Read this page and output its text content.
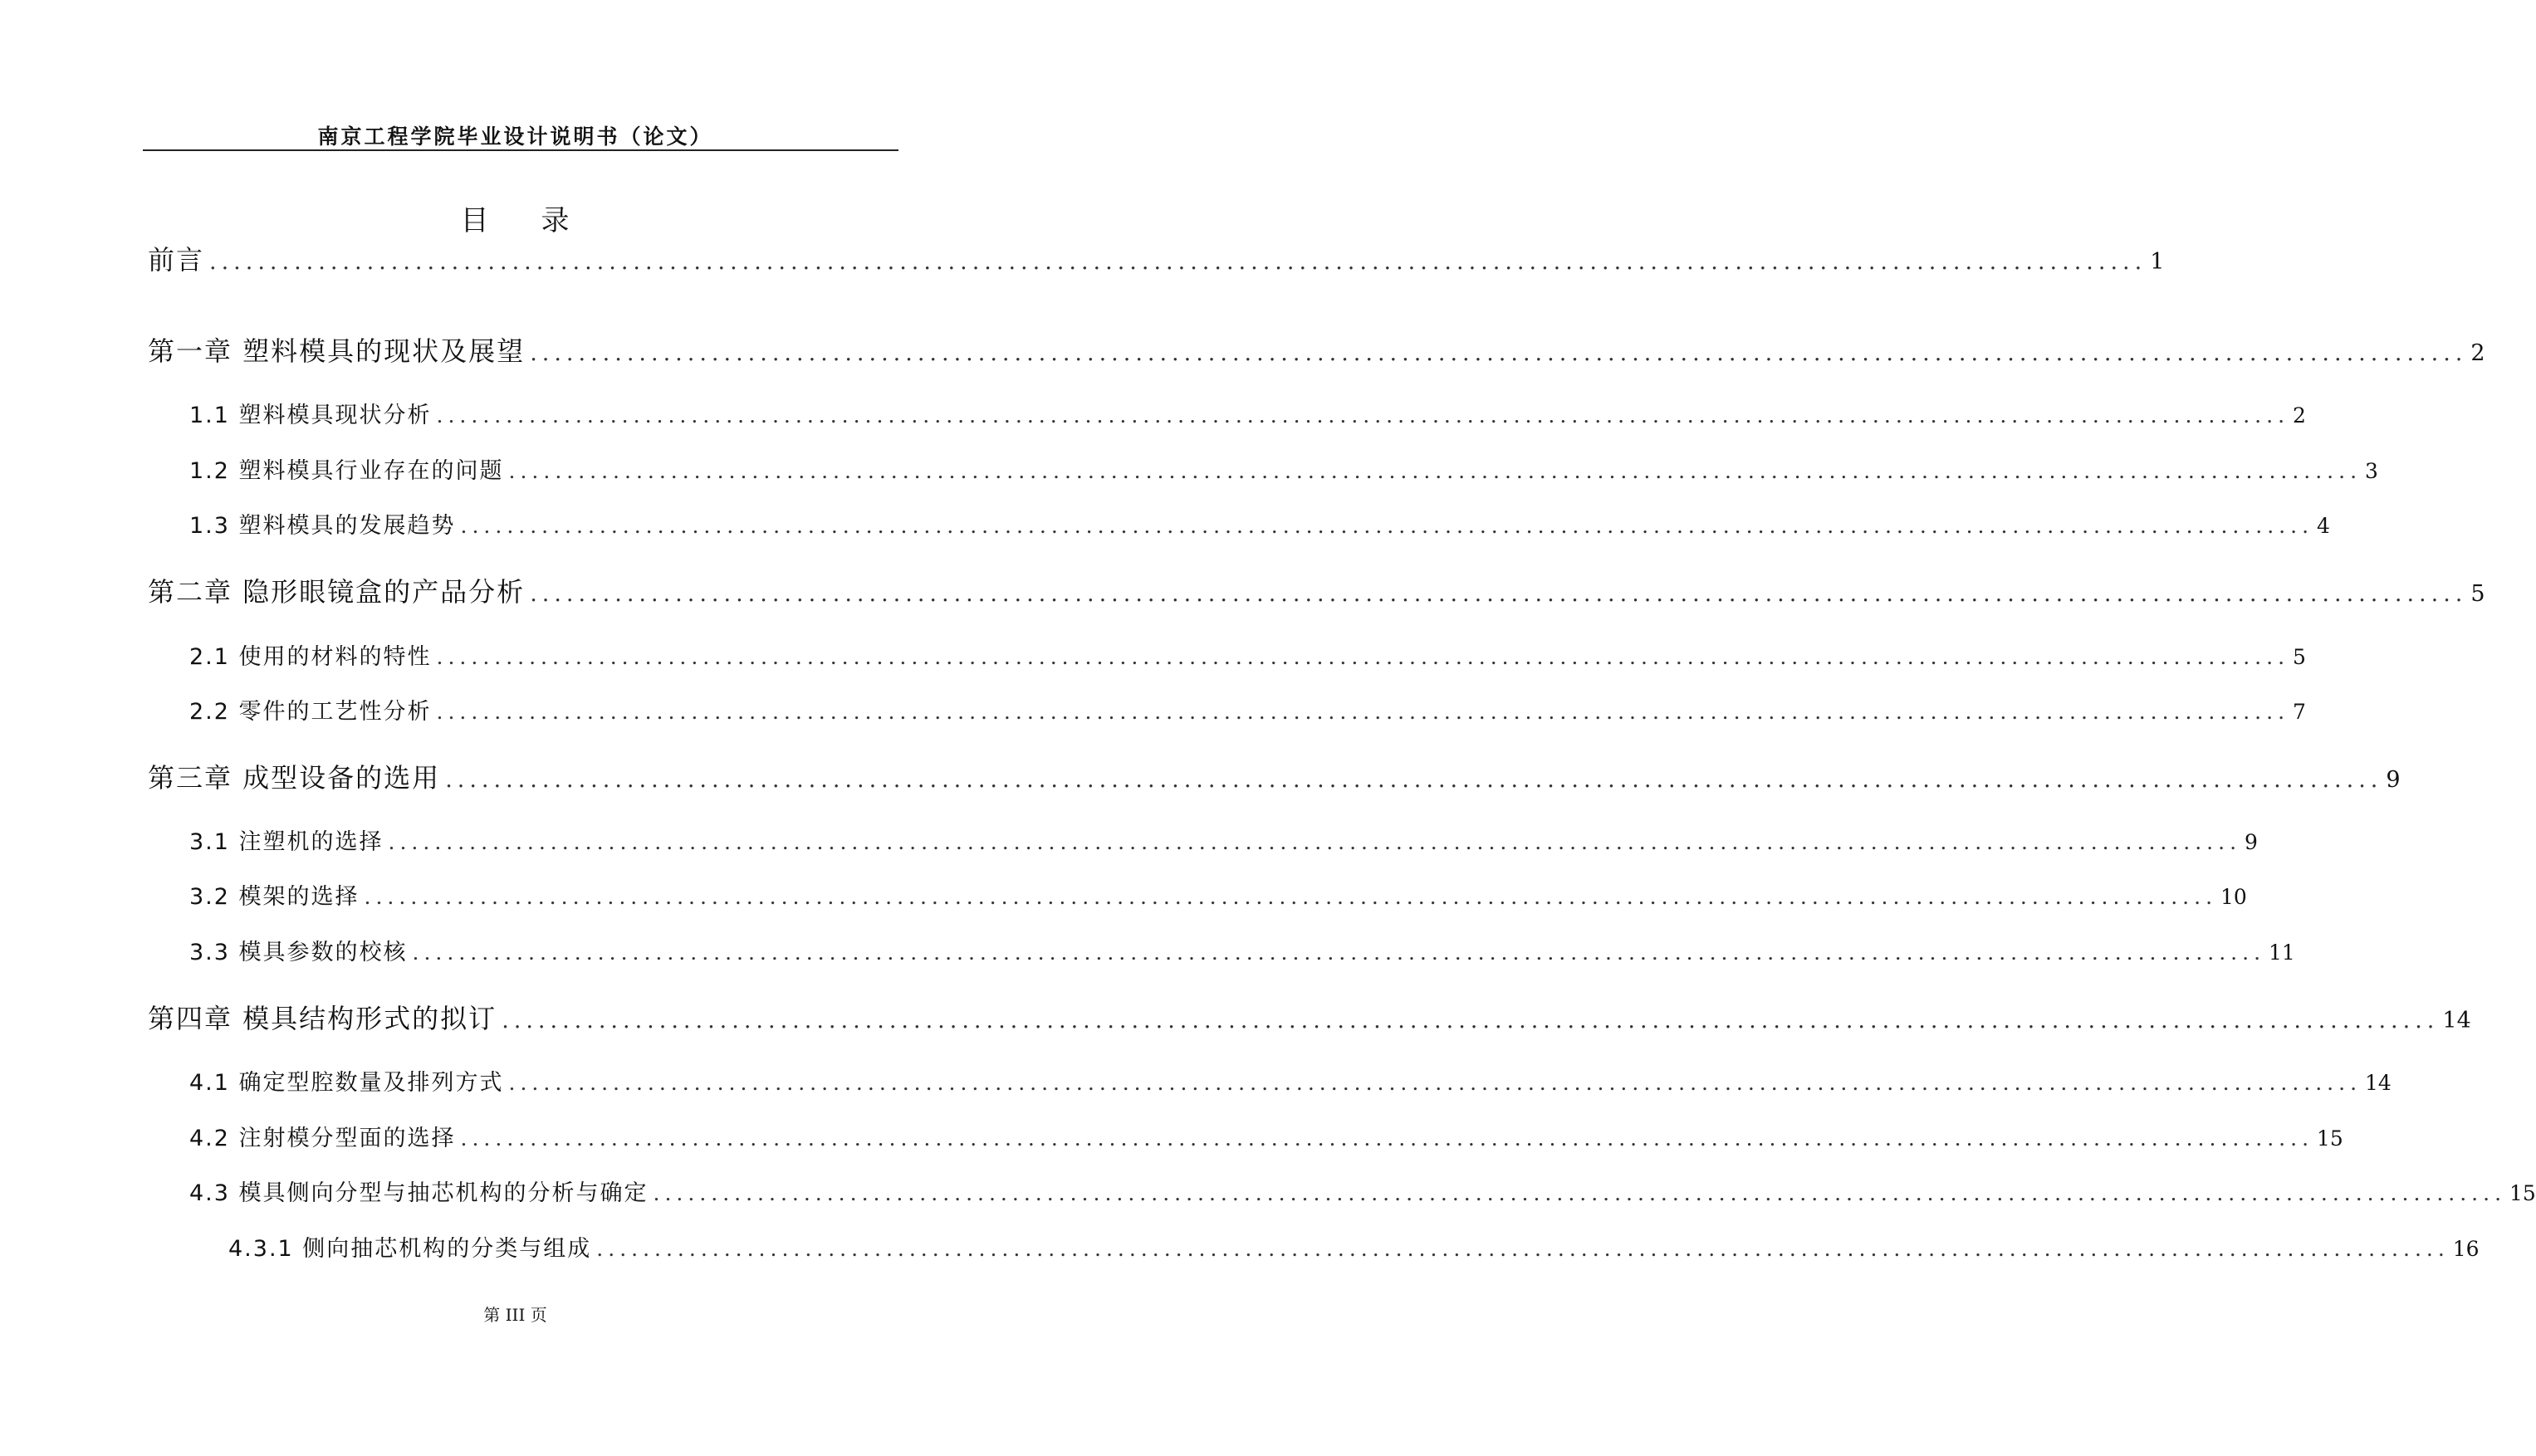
南京工程学院毕业设计说明书（论文）
目 录
前言 ................................................................................................................................................................ 1
第一章 塑料模具的现状及展望 ................................................................................................................................................................ 2
1.1 塑料模具现状分析 ................................................................................................................................................................ 2
1.2 塑料模具行业存在的问题 ................................................................................................................................................................ 3
1.3 塑料模具的发展趋势 ................................................................................................................................................................ 4
第二章 隐形眼镜盒的产品分析 ................................................................................................................................................................ 5
2.1 使用的材料的特性 ................................................................................................................................................................ 5
2.2 零件的工艺性分析 ................................................................................................................................................................ 7
第三章 成型设备的选用 ................................................................................................................................................................ 9
3.1 注塑机的选择 ................................................................................................................................................................ 9
3.2 模架的选择 ................................................................................................................................................................ 10
3.3 模具参数的校核 ................................................................................................................................................................ 11
第四章 模具结构形式的拟订 ................................................................................................................................................................ 14
4.1 确定型腔数量及排列方式 ................................................................................................................................................................ 14
4.2 注射模分型面的选择 ................................................................................................................................................................ 15
4.3 模具侧向分型与抽芯机构的分析与确定 ................................................................................................................................................................ 15
4.3.1 侧向抽芯机构的分类与组成 ................................................................................................................................................................ 16
第 III 页
